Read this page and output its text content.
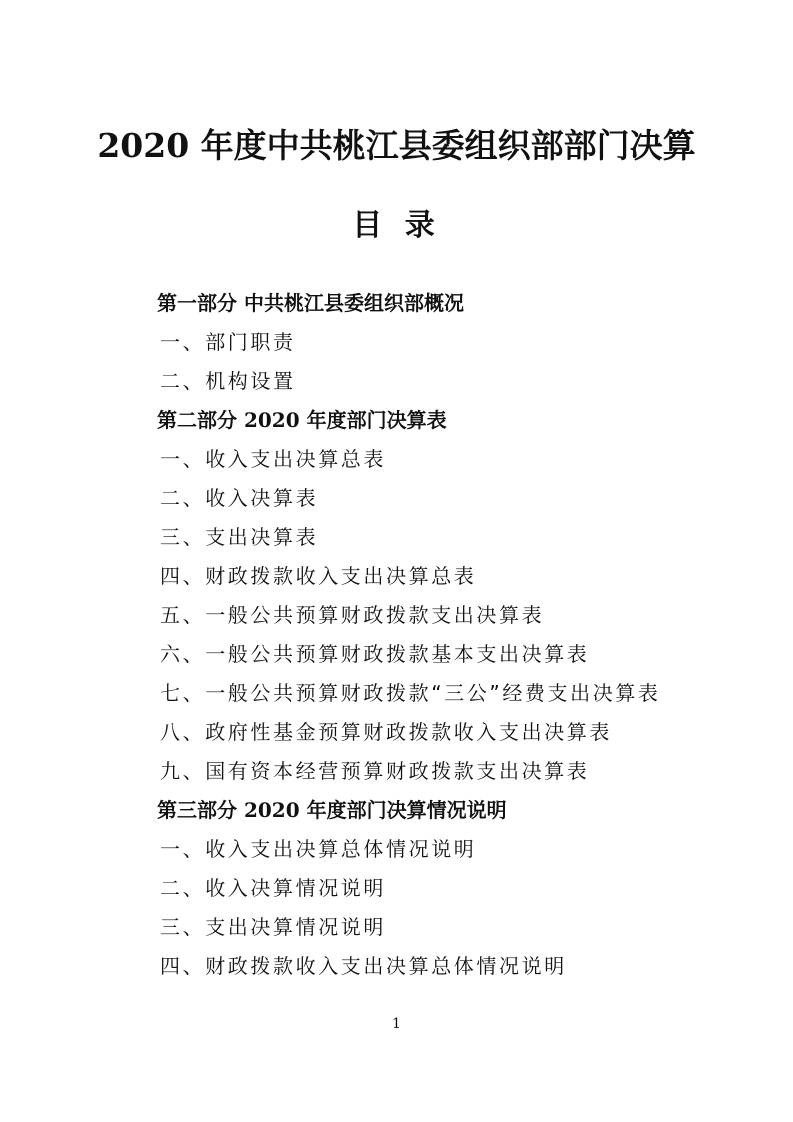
2020 年度中共桃江县委组织部部门决算
目 录
第一部分 中共桃江县委组织部概况
一、部门职责
二、机构设置
第二部分 2020 年度部门决算表
一、收入支出决算总表
二、收入决算表
三、支出决算表
四、财政拨款收入支出决算总表
五、一般公共预算财政拨款支出决算表
六、一般公共预算财政拨款基本支出决算表
七、一般公共预算财政拨款“三公”经费支出决算表
八、政府性基金预算财政拨款收入支出决算表
九、国有资本经营预算财政拨款支出决算表
第三部分 2020 年度部门决算情况说明
一、收入支出决算总体情况说明
二、收入决算情况说明
三、支出决算情况说明
四、财政拨款收入支出决算总体情况说明
1
